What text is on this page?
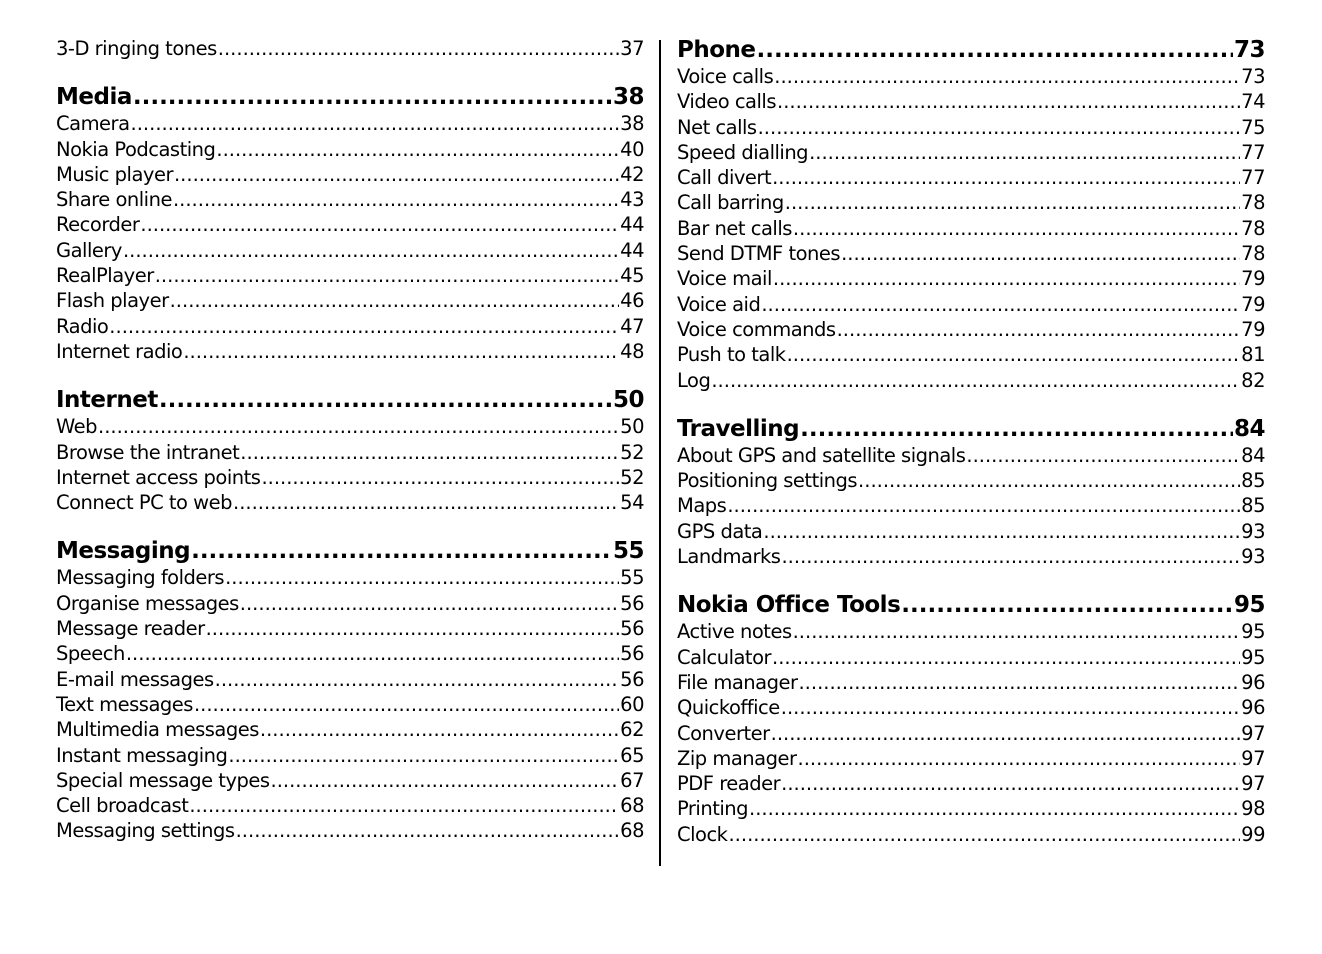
3-D ringing tones .....	37
Media .....	38
Camera .....	38
Nokia Podcasting .....	40
Music player .....	42
Share online .....	43
Recorder .....	44
Gallery .....	44
RealPlayer .....	45
Flash player .....	46
Radio .....	47
Internet radio .....	48
Internet .....	50
Web .....	50
Browse the intranet .....	52
Internet access points .....	52
Connect PC to web .....	54
Messaging .....	55
Messaging folders .....	55
Organise messages .....	56
Message reader .....	56
Speech .....	56
E-mail messages .....	56
Text messages .....	60
Multimedia messages .....	62
Instant messaging .....	65
Special message types .....	67
Cell broadcast .....	68
Messaging settings .....	68
Phone .....	73
Voice calls .....	73
Video calls .....	74
Net calls .....	75
Speed dialling .....	77
Call divert .....	77
Call barring .....	78
Bar net calls .....	78
Send DTMF tones .....	78
Voice mail .....	79
Voice aid .....	79
Voice commands .....	79
Push to talk .....	81
Log .....	82
Travelling .....	84
About GPS and satellite signals .....	84
Positioning settings .....	85
Maps .....	85
GPS data .....	93
Landmarks .....	93
Nokia Office Tools .....	95
Active notes .....	95
Calculator .....	95
File manager .....	96
Quickoffice .....	96
Converter .....	97
Zip manager .....	97
PDF reader .....	97
Printing .....	98
Clock .....	99
